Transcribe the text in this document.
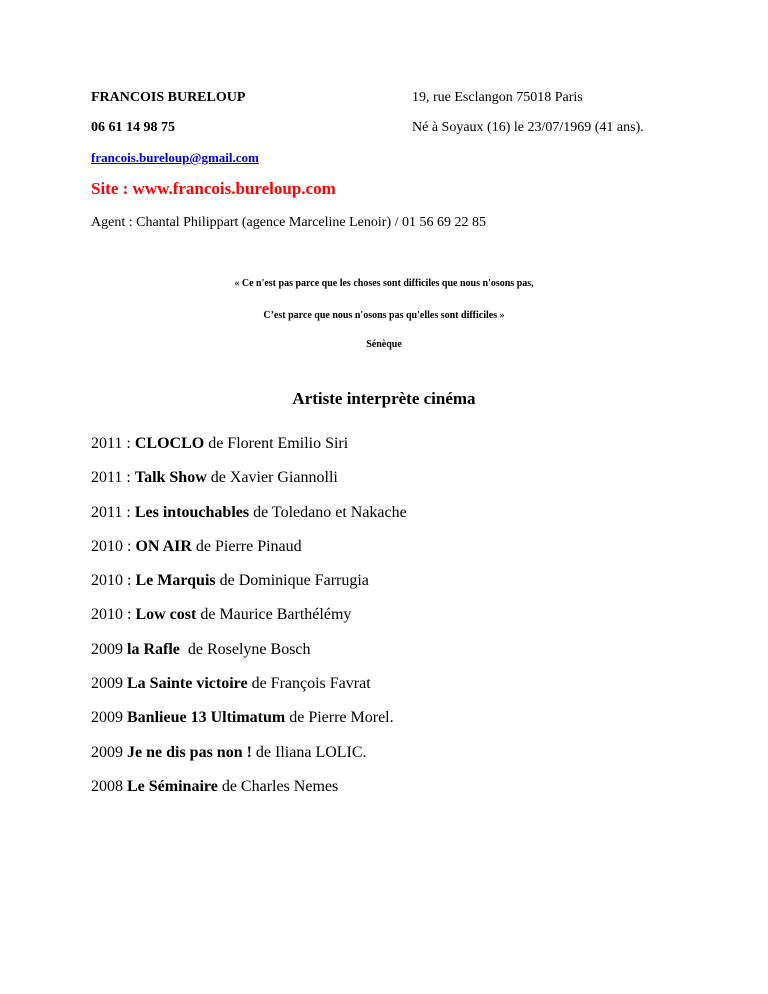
FRANCOIS BURELOUP	19, rue Esclangon 75018 Paris
06 61 14 98 75	Né à Soyaux (16) le 23/07/1969 (41 ans).
francois.bureloup@gmail.com
Site : www.francois.bureloup.com
Agent : Chantal Philippart (agence Marceline Lenoir) / 01 56 69 22 85
« Ce n'est pas parce que les choses sont difficiles que nous n'osons pas,
C’est parce que nous n'osons pas qu'elles sont difficiles »
Sénèque
Artiste interprète cinéma
2011 : CLOCLO de Florent Emilio Siri
2011 : Talk Show de Xavier Giannolli
2011 : Les intouchables de Toledano et Nakache
2010 : ON AIR de Pierre Pinaud
2010 : Le Marquis de Dominique Farrugia
2010 : Low cost de Maurice Barthélémy
2009 la Rafle  de Roselyne Bosch
2009 La Sainte victoire de François Favrat
2009 Banlieue 13 Ultimatum de Pierre Morel.
2009 Je ne dis pas non ! de Iliana LOLIC.
2008 Le Séminaire de Charles Nemes
